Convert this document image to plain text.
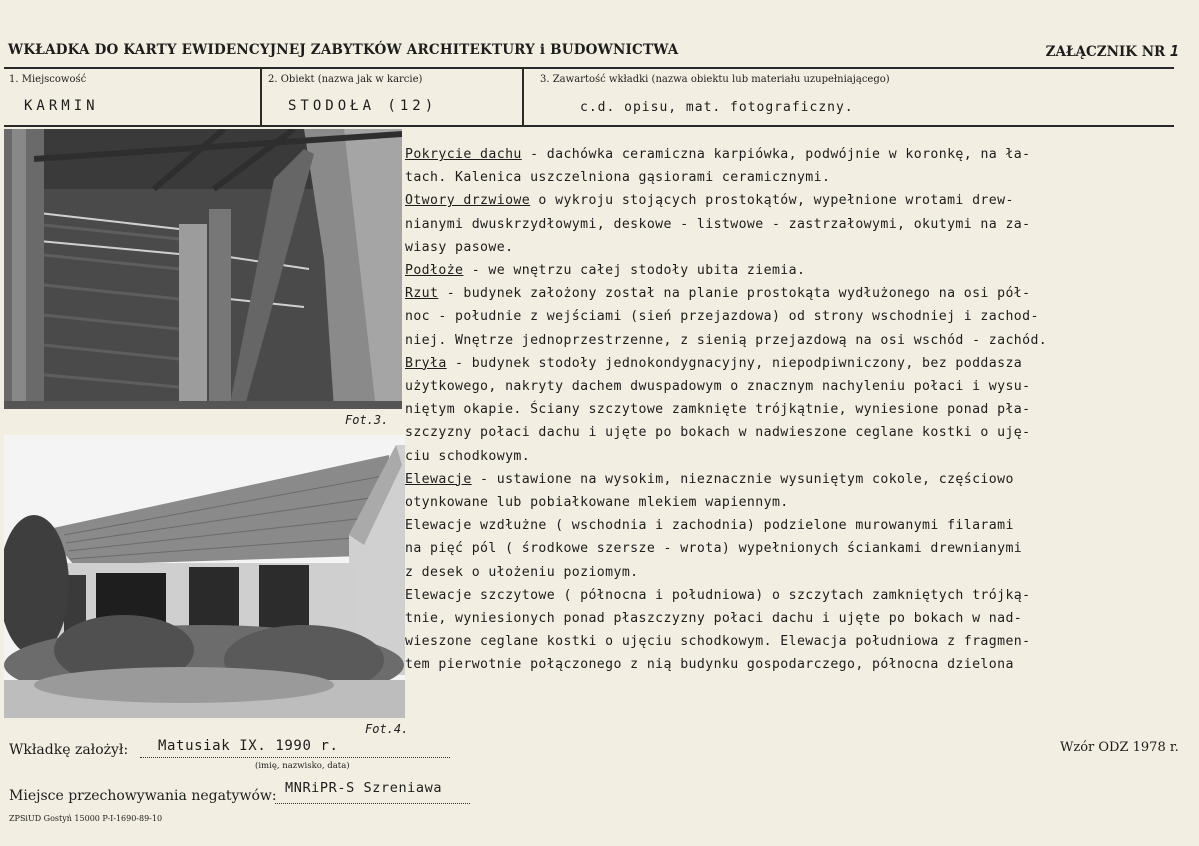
WKŁADKA DO KARTY EWIDENCYJNEJ ZABYTKÓW ARCHITEKTURY i BUDOWNICTWA	ZAŁĄCZNIK NR 1
1. Miejscowość
KARMIN
2. Obiekt (nazwa jak w karcie)
STODOŁA (12)
3. Zawartość wkładki (nazwa obiektu lub materiału uzupełniającego)
c.d. opisu, mat. fotograficzny.
Fot.3.
Fot.4.
Pokrycie dachu - dachówka ceramiczna karpiówka, podwójnie w koronkę, na ła-
tach. Kalenica uszczelniona gąsiorami ceramicznymi.
Otwory drzwiowe o wykroju stojących prostokątów, wypełnione wrotami drew-
nianymi dwuskrzydłowymi, deskowe - listwowe - zastrzałowymi, okutymi na za-
wiasy pasowe.
Podłoże - we wnętrzu całej stodoły ubita ziemia.
Rzut - budynek założony został na planie prostokąta wydłużonego na osi pół-
noc - południe z wejściami (sień przejazdowa) od strony wschodniej i zachod-
niej. Wnętrze jednoprzestrzenne, z sienią przejazdową na osi wschód - zachód.
Bryła - budynek stodoły jednokondygnacyjny, niepodpiwniczony, bez poddasza
użytkowego, nakryty dachem dwuspadowym o znacznym nachyleniu połaci i wysu-
niętym okapie. Ściany szczytowe zamknięte trójkątnie, wyniesione ponad pła-
szczyzny połaci dachu i ujęte po bokach w nadwieszone ceglane kostki o uję-
ciu schodkowym.
Elewacje - ustawione na wysokim, nieznacznie wysuniętym cokole, częściowo
otynkowane lub pobiałkowane mlekiem wapiennym.
Elewacje wzdłużne ( wschodnia i zachodnia) podzielone murowanymi filarami
na pięć pól ( środkowe szersze - wrota) wypełnionych ściankami drewnianymi
z desek o ułożeniu poziomym.
Elewacje szczytowe ( północna i południowa) o szczytach zamkniętych trójką-
tnie, wyniesionych ponad płaszczyzny połaci dachu i ujęte po bokach w nad-
wieszone ceglane kostki o ujęciu schodkowym. Elewacja południowa z fragmen-
tem pierwotnie połączonego z nią budynku gospodarczego, północna dzielona
Wkładkę założył: Matusiak IX. 1990 r.
(imię, nazwisko, data)
Wzór ODZ 1978 r.
Miejsce przechowywania negatywów: MNRiPR-S Szreniawa
ZPSiUD Gostyń 15000 P-I-1690-89-10
